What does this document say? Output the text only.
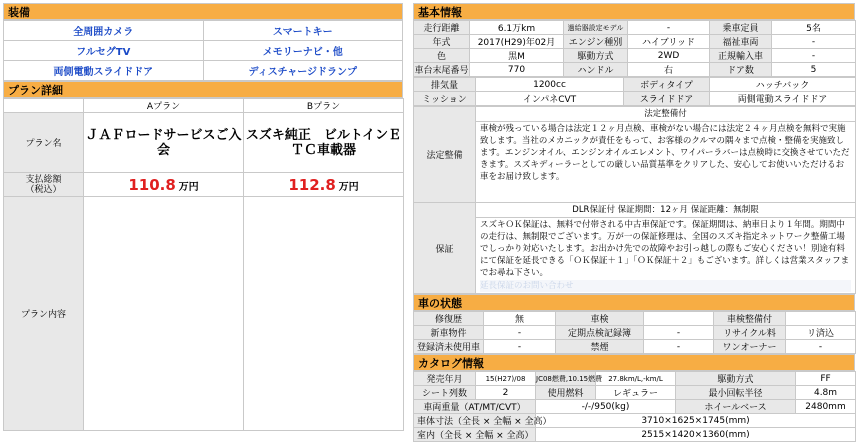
装備
全周囲カメラ	スマートキー
フルセグTV	メモリーナビ・他
両側電動スライドドア	ディスチャージドランプ
プラン詳細
	Aプラン	Bプラン
プラン名	ＪＡＦロードサービスご入会	スズキ純正　ビルトインＥＴＣ車載器
支払総額
（税込）	110.8 万円	112.8 万円
プラン内容		
基本情報
走行距離	6.1万km	過給器設定モデル	-	乗車定員	5名
年式	2017(H29)年02月	エンジン種別	ハイブリッド	福祉車両	-
色	黒M	駆動方式	2WD	正規輸入車	-
車台末尾番号	770	ハンドル	右	ドア数	5
排気量	1200cc	ボディタイプ	ハッチバック
ミッション	インパネCVT	スライドドア	両側電動スライドドア
法定整備	法定整備付
車検が残っている場合は法定１２ヶ月点検、車検がない場合には法定２４ヶ月点検を無料で実施致します。当社のメカニックが責任をもって、お客様のクルマの隅々まで点検・整備を実施致します。エンジンオイル、エンジンオイルエレメント、ワイパーラバーは点検時に交換させていただきます。スズキディーラーとしての厳しい品質基準をクリアした、安心してお使いいただけるお車をお届け致します。

保証	DLR保証付 保証期間：12ヶ月 保証距離：無制限
スズキＯＫ保証は、無料で付帯される中古車保証です。保証期間は、納車日より１年間。期間中の走行は、無制限でございます。万が一の保証修理は、全国のスズキ指定ネットワーク整備工場でしっかり対応いたします。お出かけ先での故障やお引っ越しの際もご安心ください！別途有料にて保証を延長できる「ＯＫ保証＋１」「ＯＫ保証＋２」もございます。詳しくは営業スタッフまでお尋ね下さい。
延長保証のお問い合わせ
車の状態
修復歴	無	車検		車検整備付	
新車物件	-	定期点検記録簿	-	リサイクル料	リ済込
登録済未使用車	-	禁煙	-	ワンオーナー	-
カタログ情報
発売年月	15(H27)/08	JC08燃費,10.15燃費	27.8km/L,-km/L	駆動方式	FF
シート列数	2	使用燃料	レギュラー	最小回転半径	4.8m
車両重量（AT/MT/CVT）		-/-/950(kg)		ホイールベース	2480mm
車体寸法（全長 × 全幅 × 全高）		3710×1625×1745(mm)			
室内（全長 × 全幅 × 全高）		2515×1420×1360(mm)			
